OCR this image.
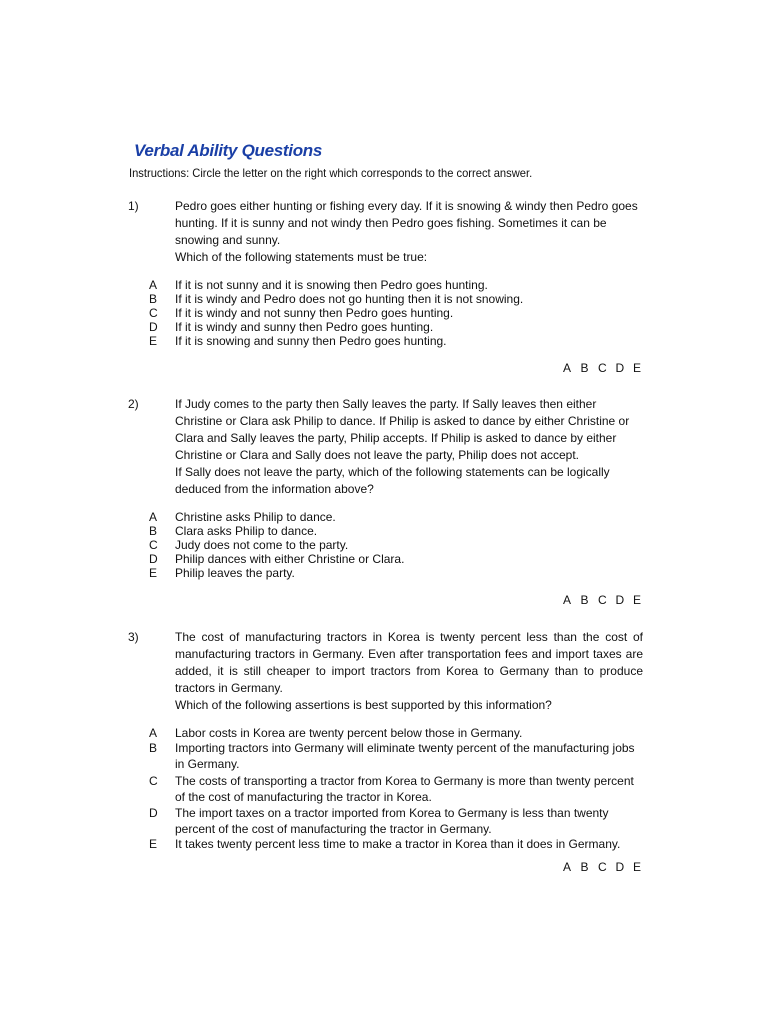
Verbal Ability Questions
Instructions: Circle the letter on the right which corresponds to the correct answer.
1)	Pedro goes either hunting or fishing every day. If it is snowing & windy then Pedro goes hunting. If it is sunny and not windy then Pedro goes fishing. Sometimes it can be snowing and sunny.

Which of the following statements must be true:

A If it is not sunny and it is snowing then Pedro goes hunting.
B If it is windy and Pedro does not go hunting then it is not snowing.
C If it is windy and not sunny then Pedro goes hunting.
D If it is windy and sunny then Pedro goes hunting.
E If it is snowing and sunny then Pedro goes hunting.
A B C D E
2)	If Judy comes to the party then Sally leaves the party. If Sally leaves then either Christine or Clara ask Philip to dance. If Philip is asked to dance by either Christine or Clara and Sally leaves the party, Philip accepts. If Philip is asked to dance by either Christine or Clara and Sally does not leave the party, Philip does not accept.

If Sally does not leave the party, which of the following statements can be logically deduced from the information above?

A Christine asks Philip to dance.
B Clara asks Philip to dance.
C Judy does not come to the party.
D Philip dances with either Christine or Clara.
E Philip leaves the party.
A B C D E
3)	The cost of manufacturing tractors in Korea is twenty percent less than the cost of manufacturing tractors in Germany. Even after transportation fees and import taxes are added, it is still cheaper to import tractors from Korea to Germany than to produce tractors in Germany.

Which of the following assertions is best supported by this information?

A Labor costs in Korea are twenty percent below those in Germany.
B Importing tractors into Germany will eliminate twenty percent of the manufacturing jobs in Germany.
C The costs of transporting a tractor from Korea to Germany is more than twenty percent of the cost of manufacturing the tractor in Korea.
D The import taxes on a tractor imported from Korea to Germany is less than twenty percent of the cost of manufacturing the tractor in Germany.
E It takes twenty percent less time to make a tractor in Korea than it does in Germany.
A B C D E
